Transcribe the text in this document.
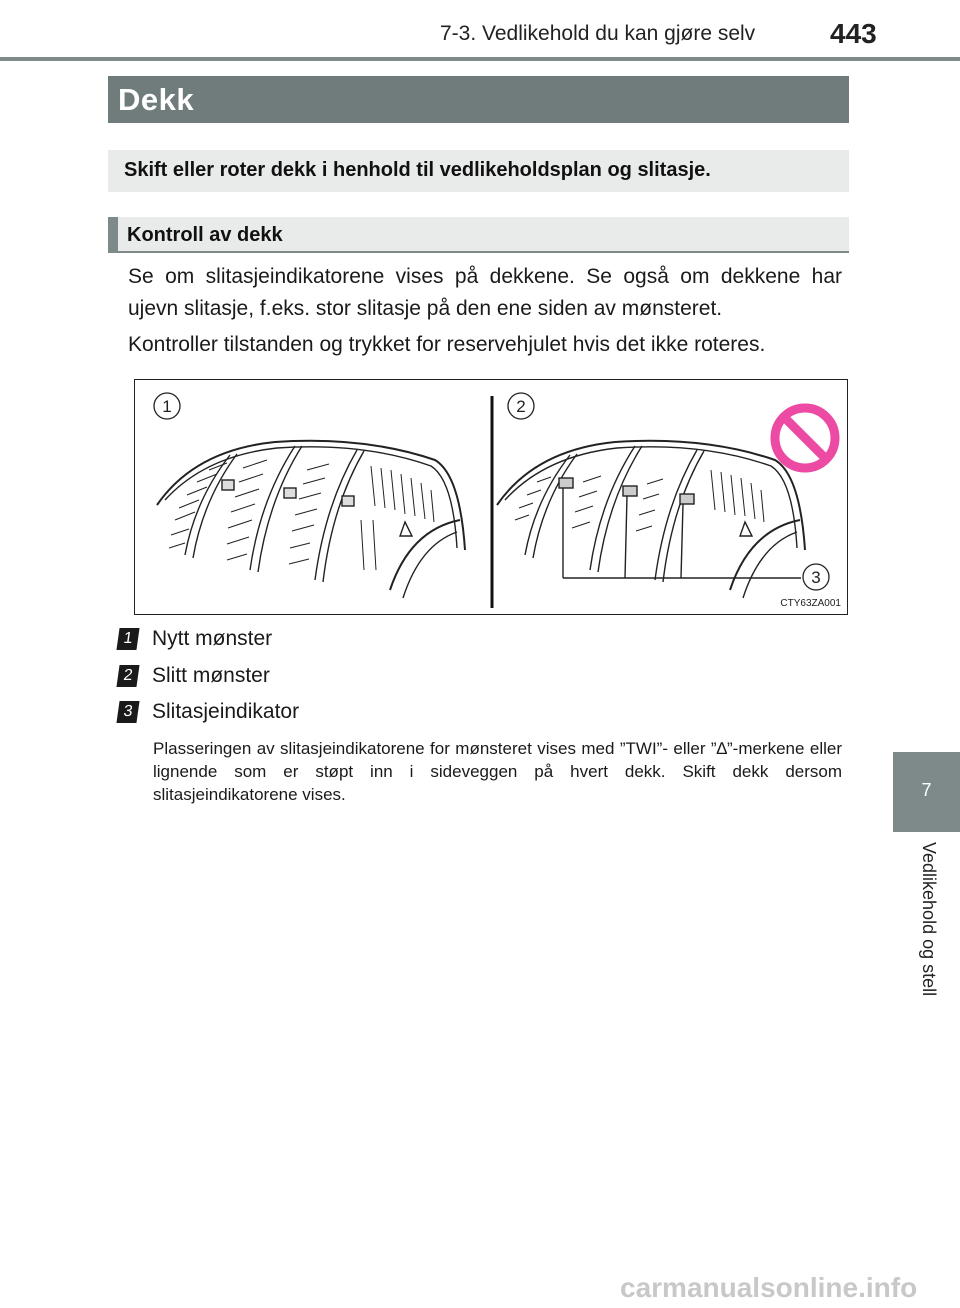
7-3. Vedlikehold du kan gjøre selv	443
Dekk
Skift eller roter dekk i henhold til vedlikeholdsplan og slitasje.
Kontroll av dekk
Se om slitasjeindikatorene vises på dekkene. Se også om dekkene har ujevn slitasje, f.eks. stor slitasje på den ene siden av mønsteret.
Kontroller tilstanden og trykket for reservehjulet hvis det ikke roteres.
1	2
3
CTY63ZA001
1 Nytt mønster
2 Slitt mønster
3 Slitasjeindikator
Plasseringen av slitasjeindikatorene for mønsteret vises med ”TWI”- eller ”∆”-merkene eller lignende som er støpt inn i sideveggen på hvert dekk. Skift dekk dersom slitasjeindikatorene vises.	7
Vedlikehold og stell
carmanualsonline.info
